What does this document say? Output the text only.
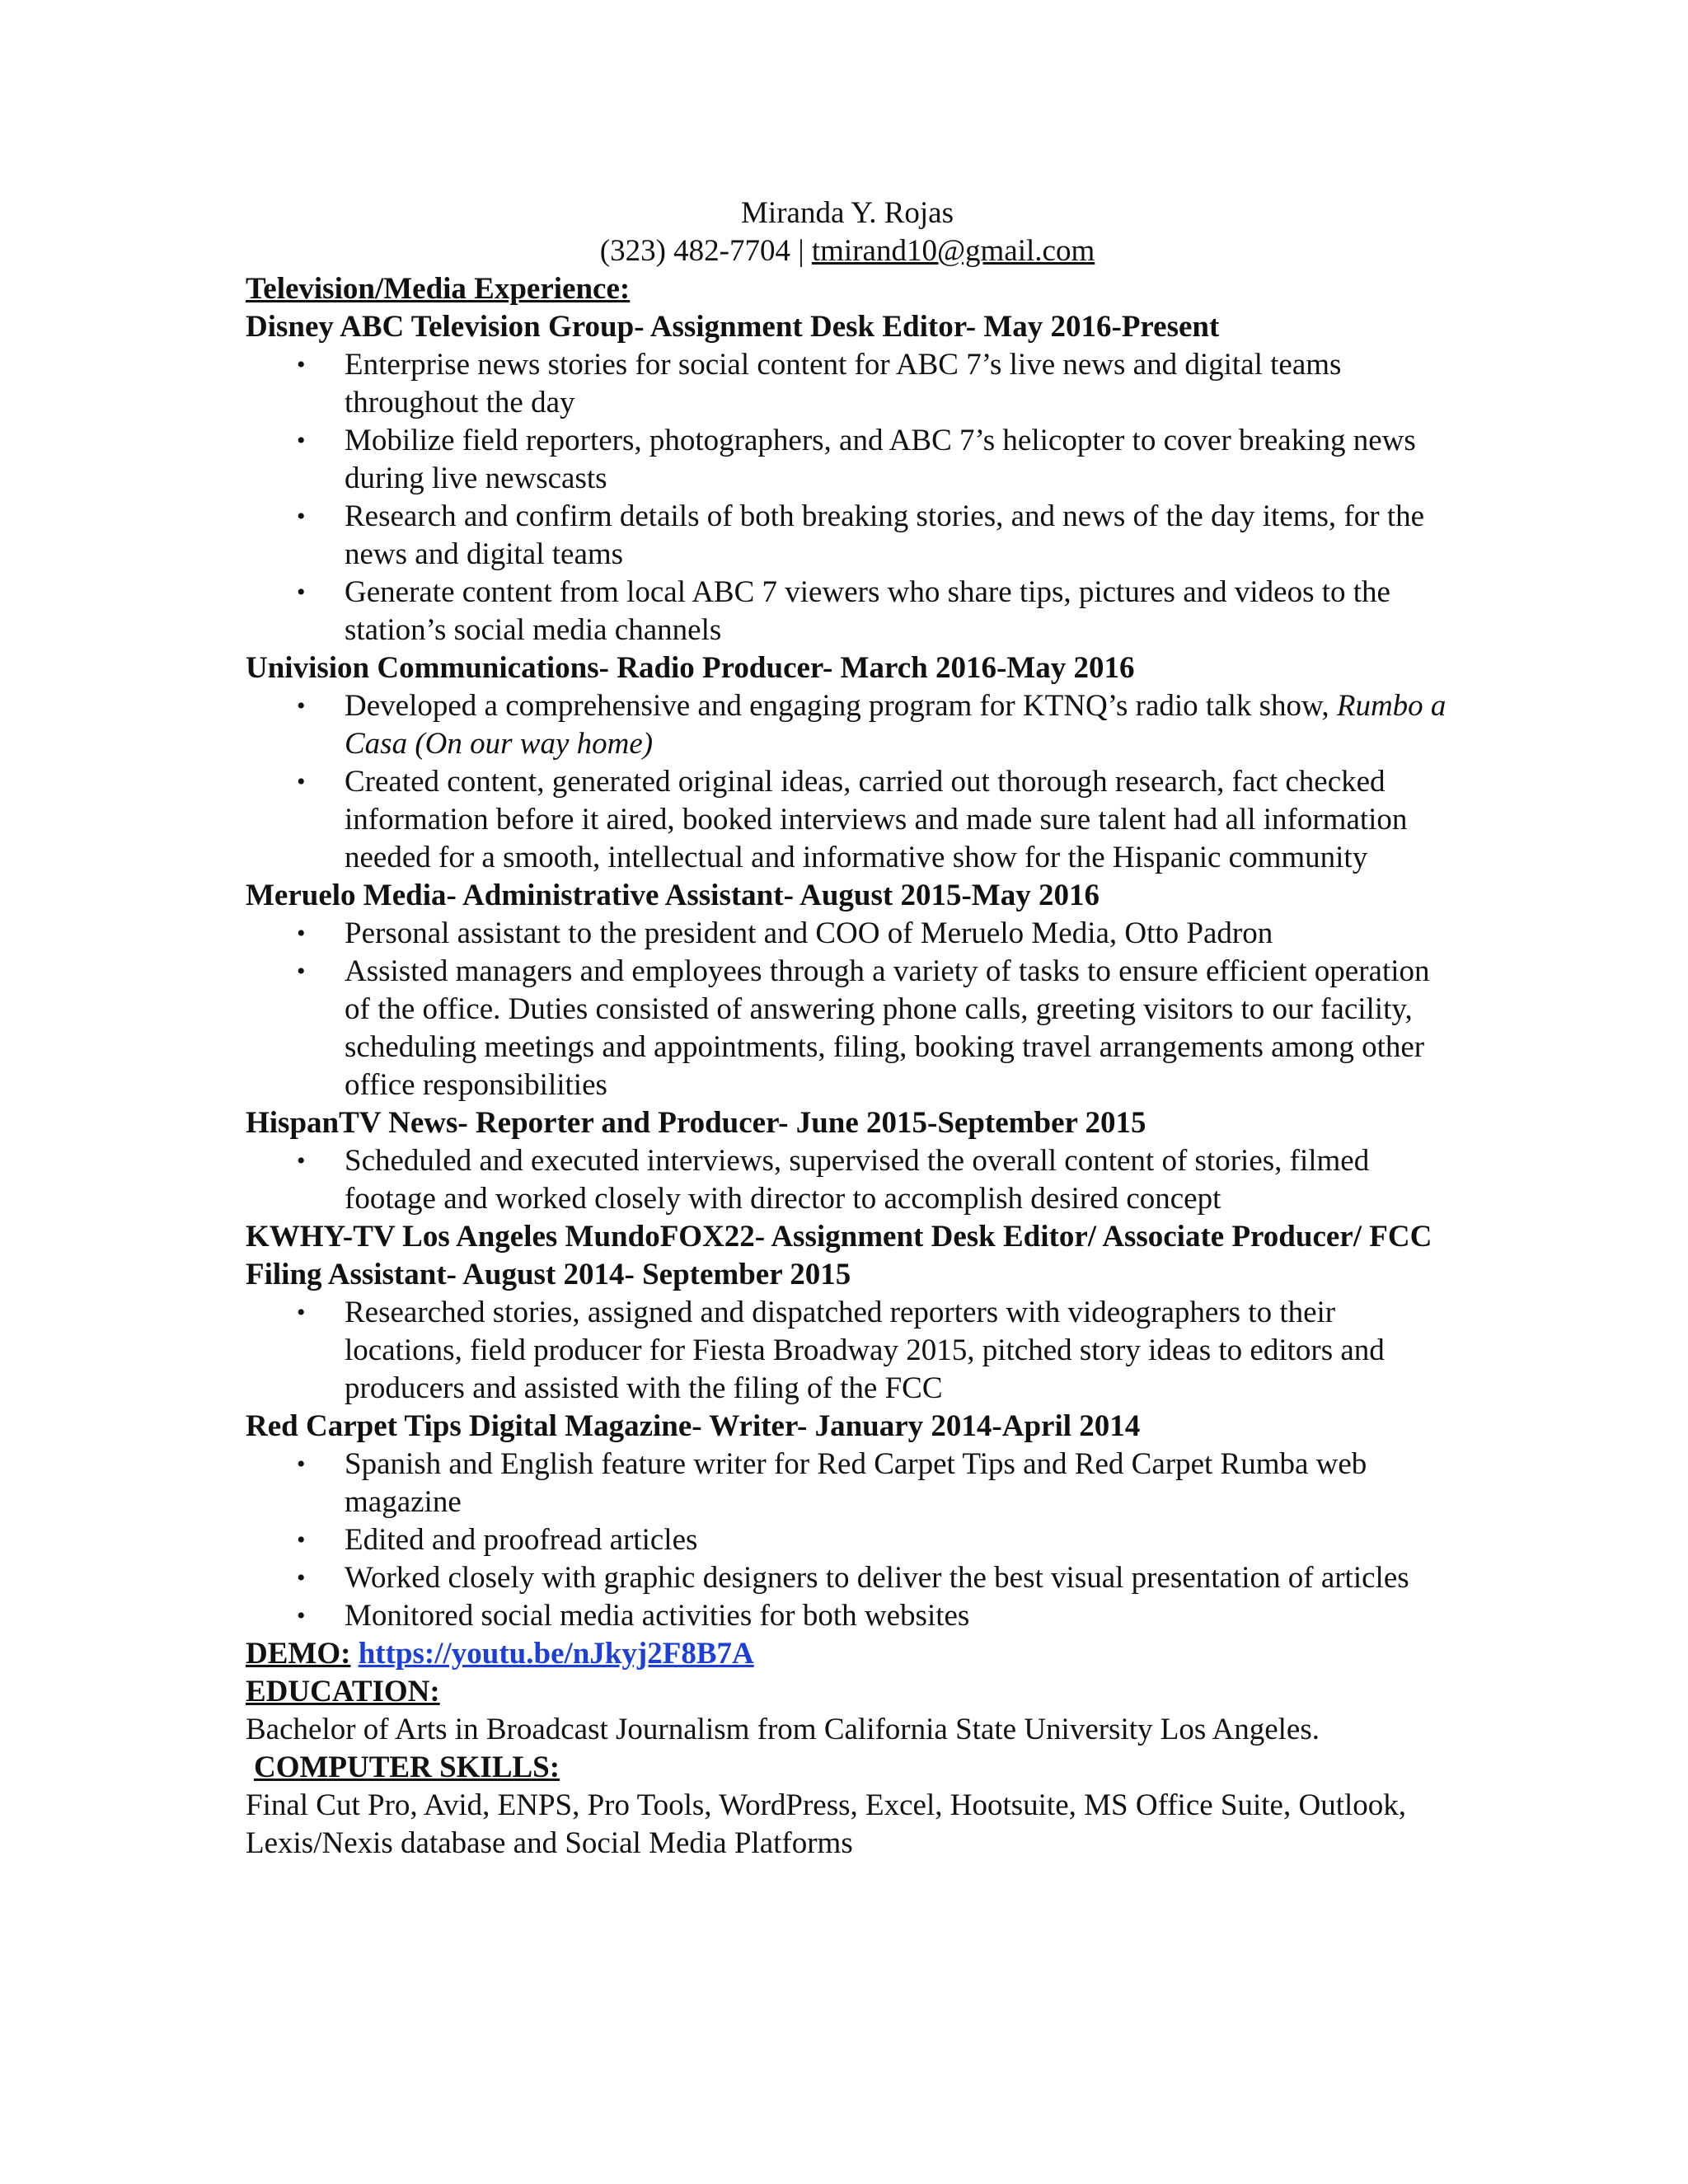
Miranda Y. Rojas

(323) 482-7704 | tmirand10@gmail.com

Television/Media Experience:

Disney ABC Television Group- Assignment Desk Editor- May 2016-Present

• Enterprise news stories for social content for ABC 7’s live news and digital teams throughout the day
• Mobilize field reporters, photographers, and ABC 7’s helicopter to cover breaking news during live newscasts
• Research and confirm details of both breaking stories, and news of the day items, for the news and digital teams
• Generate content from local ABC 7 viewers who share tips, pictures and videos to the station’s social media channels

Univision Communications- Radio Producer- March 2016-May 2016

• Developed a comprehensive and engaging program for KTNQ’s radio talk show, Rumbo a Casa (On our way home)
• Created content, generated original ideas, carried out thorough research, fact checked information before it aired, booked interviews and made sure talent had all information needed for a smooth, intellectual and informative show for the Hispanic community

Meruelo Media- Administrative Assistant- August 2015-May 2016

• Personal assistant to the president and COO of Meruelo Media, Otto Padron
• Assisted managers and employees through a variety of tasks to ensure efficient operation of the office. Duties consisted of answering phone calls, greeting visitors to our facility, scheduling meetings and appointments, filing, booking travel arrangements among other office responsibilities

HispanTV News- Reporter and Producer- June 2015-September 2015

• Scheduled and executed interviews, supervised the overall content of stories, filmed footage and worked closely with director to accomplish desired concept

KWHY-TV Los Angeles MundoFOX22- Assignment Desk Editor/ Associate Producer/ FCC Filing Assistant- August 2014- September 2015

• Researched stories, assigned and dispatched reporters with videographers to their locations, field producer for Fiesta Broadway 2015, pitched story ideas to editors and producers and assisted with the filing of the FCC

Red Carpet Tips Digital Magazine- Writer- January 2014-April 2014

• Spanish and English feature writer for Red Carpet Tips and Red Carpet Rumba web magazine
• Edited and proofread articles
• Worked closely with graphic designers to deliver the best visual presentation of articles
• Monitored social media activities for both websites

DEMO: https://youtu.be/nJkyj2F8B7A

EDUCATION:

Bachelor of Arts in Broadcast Journalism from California State University Los Angeles.

COMPUTER SKILLS:

Final Cut Pro, Avid, ENPS, Pro Tools, WordPress, Excel, Hootsuite, MS Office Suite, Outlook, Lexis/Nexis database and Social Media Platforms
